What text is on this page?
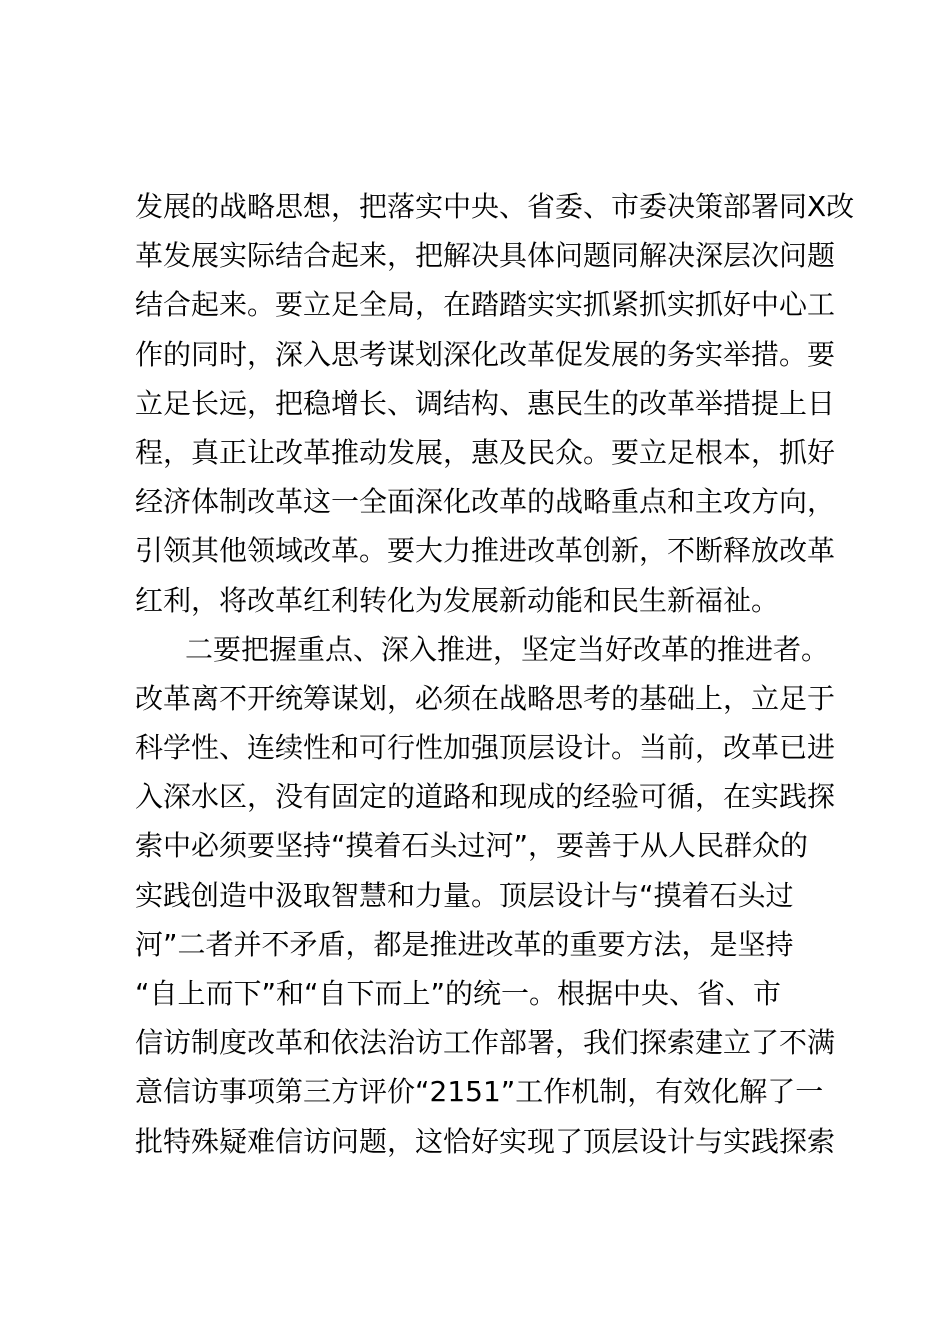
发展的战略思想，把落实中央、省委、市委决策部署同X改
革发展实际结合起来，把解决具体问题同解决深层次问题
结合起来。要立足全局，在踏踏实实抓紧抓实抓好中心工
作的同时，深入思考谋划深化改革促发展的务实举措。要
立足长远，把稳增长、调结构、惠民生的改革举措提上日
程，真正让改革推动发展，惠及民众。要立足根本，抓好
经济体制改革这一全面深化改革的战略重点和主攻方向，
引领其他领域改革。要大力推进改革创新，不断释放改革
红利，将改革红利转化为发展新动能和民生新福祉。
二要把握重点、深入推进，坚定当好改革的推进者。
改革离不开统筹谋划，必须在战略思考的基础上，立足于
科学性、连续性和可行性加强顶层设计。当前，改革已进
入深水区，没有固定的道路和现成的经验可循，在实践探
索中必须要坚持“摸着石头过河”，要善于从人民群众的
实践创造中汲取智慧和力量。顶层设计与“摸着石头过
河”二者并不矛盾，都是推进改革的重要方法，是坚持
“自上而下”和“自下而上”的统一。根据中央、省、市
信访制度改革和依法治访工作部署，我们探索建立了不满
意信访事项第三方评价“2151”工作机制，有效化解了一
批特殊疑难信访问题，这恰好实现了顶层设计与实践探索
